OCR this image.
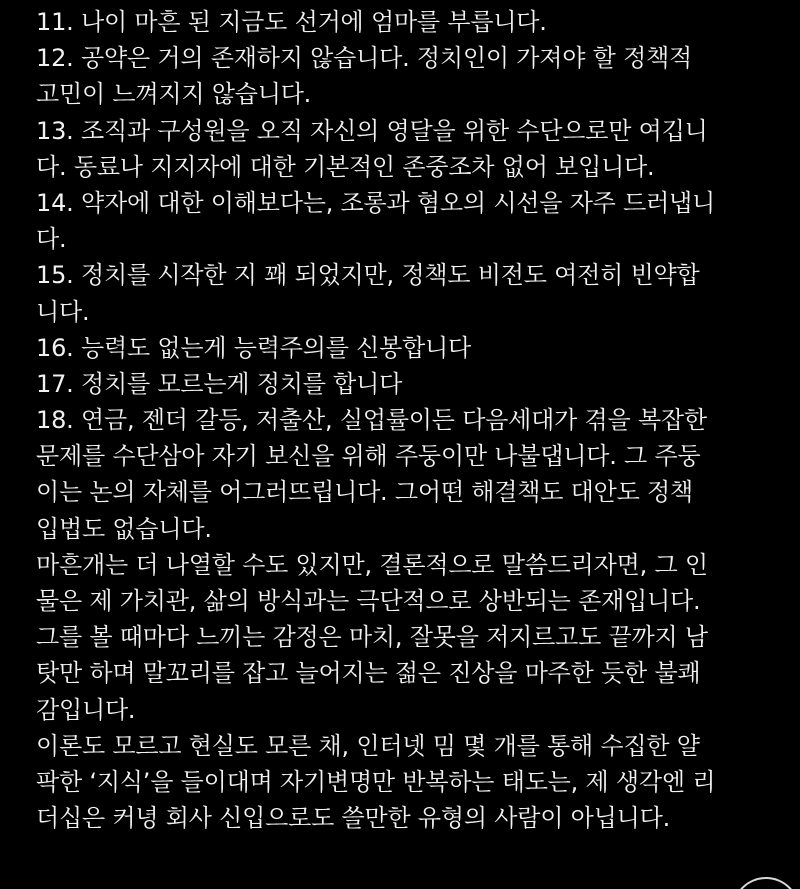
11. 나이 마흔 된 지금도 선거에 엄마를 부릅니다.
12. 공약은 거의 존재하지 않습니다. 정치인이 가져야 할 정책적
고민이 느껴지지 않습니다.
13. 조직과 구성원을 오직 자신의 영달을 위한 수단으로만 여깁니
다. 동료나 지지자에 대한 기본적인 존중조차 없어 보입니다.
14. 약자에 대한 이해보다는, 조롱과 혐오의 시선을 자주 드러냅니
다.
15. 정치를 시작한 지 꽤 되었지만, 정책도 비전도 여전히 빈약합
니다.
16. 능력도 없는게 능력주의를 신봉합니다
17. 정치를 모르는게 정치를 합니다
18. 연금, 젠더 갈등, 저출산, 실업률이든 다음세대가 겪을 복잡한
문제를 수단삼아 자기 보신을 위해 주둥이만 나불댑니다. 그 주둥
이는 논의 자체를 어그러뜨립니다. 그어떤 해결책도 대안도 정책
입법도 없습니다.
마흔개는 더 나열할 수도 있지만, 결론적으로 말씀드리자면, 그 인
물은 제 가치관, 삶의 방식과는 극단적으로 상반되는 존재입니다.
그를 볼 때마다 느끼는 감정은 마치, 잘못을 저지르고도 끝까지 남
탓만 하며 말꼬리를 잡고 늘어지는 젊은 진상을 마주한 듯한 불쾌
감입니다.
이론도 모르고 현실도 모른 채, 인터넷 밈 몇 개를 통해 수집한 얄
팍한 ‘지식’을 들이대며 자기변명만 반복하는 태도는, 제 생각엔 리
더십은 커녕 회사 신입으로도 쓸만한 유형의 사람이 아닙니다.
